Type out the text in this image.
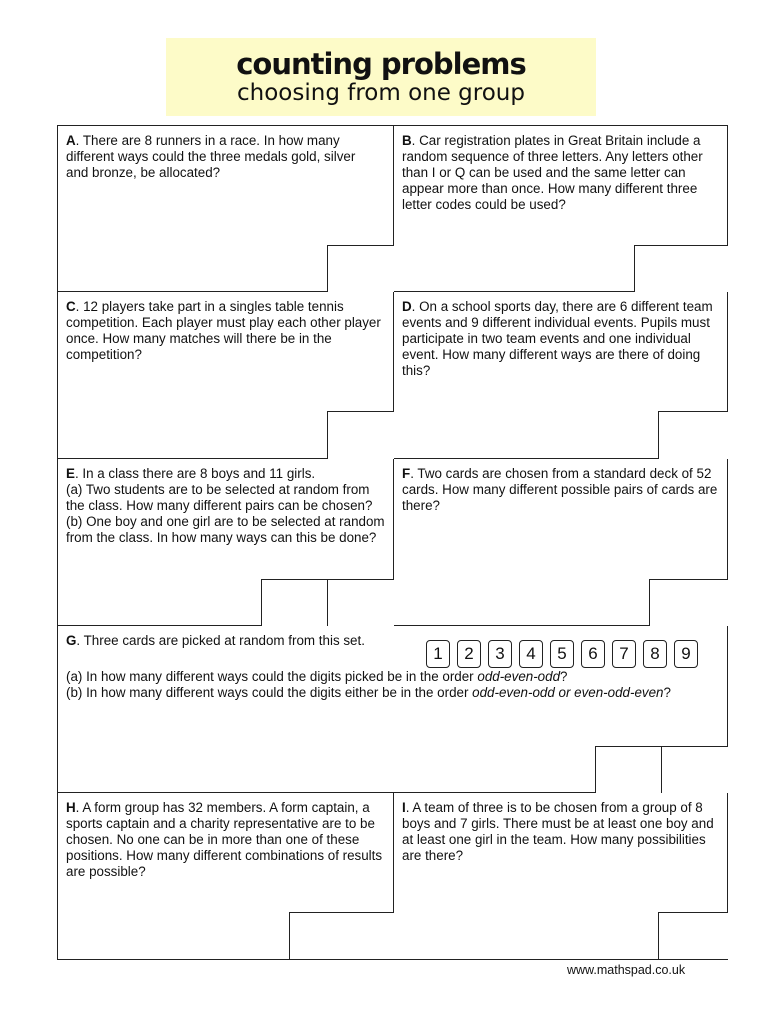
counting problems
choosing from one group
A. There are 8 runners in a race. In how many different ways could the three medals gold, silver and bronze, be allocated?
B. Car registration plates in Great Britain include a random sequence of three letters. Any letters other than I or Q can be used and the same letter can appear more than once. How many different three letter codes could be used?
C. 12 players take part in a singles table tennis competition. Each player must play each other player once. How many matches will there be in the competition?
D. On a school sports day, there are 6 different team events and 9 different individual events. Pupils must participate in two team events and one individual event. How many different ways are there of doing this?
E. In a class there are 8 boys and 11 girls.
(a) Two students are to be selected at random from the class. How many different pairs can be chosen?
(b) One boy and one girl are to be selected at random from the class. In how many ways can this be done?
F. Two cards are chosen from a standard deck of 52 cards. How many different possible pairs of cards are there?
G. Three cards are picked at random from this set.
(a) In how many different ways could the digits picked be in the order odd-even-odd?
(b) In how many different ways could the digits either be in the order odd-even-odd or even-odd-even?
1	2	3	4	5	6	7	8	9
H. A form group has 32 members. A form captain, a sports captain and a charity representative are to be chosen. No one can be in more than one of these positions. How many different combinations of results are possible?
I. A team of three is to be chosen from a group of 8 boys and 7 girls. There must be at least one boy and at least one girl in the team. How many possibilities are there?
www.mathspad.co.uk
